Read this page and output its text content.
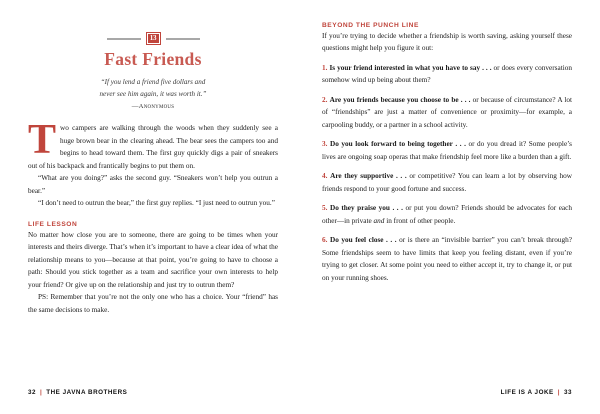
13
Fast Friends
“If you lend a friend five dollars and
never see him again, it was worth it.”
—Anonymous

Two campers are walking through the woods when they suddenly see a huge brown bear in the clearing ahead. The bear sees the campers too and begins to head toward them. The first guy quickly digs a pair of sneakers out of his backpack and frantically begins to put them on.

“What are you doing?” asks the second guy. “Sneakers won’t help you outrun a bear.”

“I don’t need to outrun the bear,” the first guy replies. “I just need to outrun you.”

LIFE LESSON

No matter how close you are to someone, there are going to be times when your interests and theirs diverge. That’s when it’s important to have a clear idea of what the relationship means to you—because at that point, you’re going to have to choose a path: Should you stick together as a team and sacrifice your own interests to help your friend? Or give up on the relationship and just try to outrun them?

PS: Remember that you’re not the only one who has a choice. Your “friend” has the same decisions to make.

32 | THE JAVNA BROTHERS
BEYOND THE PUNCH LINE

If you’re trying to decide whether a friendship is worth saving, asking yourself these questions might help you figure it out:

1. Is your friend interested in what you have to say . . . or does every conversation somehow wind up being about them?
2. Are you friends because you choose to be . . . or because of circumstance? A lot of “friendships” are just a matter of convenience or proximity—for example, a carpooling buddy, or a partner in a school activity.
3. Do you look forward to being together . . . or do you dread it? Some people’s lives are ongoing soap operas that make friendship feel more like a burden than a gift.
4. Are they supportive . . . or competitive? You can learn a lot by observing how friends respond to your good fortune and success.
5. Do they praise you . . . or put you down? Friends should be advocates for each other—in private and in front of other people.
6. Do you feel close . . . or is there an “invisible barrier” you can’t break through? Some friendships seem to have limits that keep you feeling distant, even if you’re trying to get closer. At some point you need to either accept it, try to change it, or put on your running shoes.
LIFE IS A JOKE | 33
